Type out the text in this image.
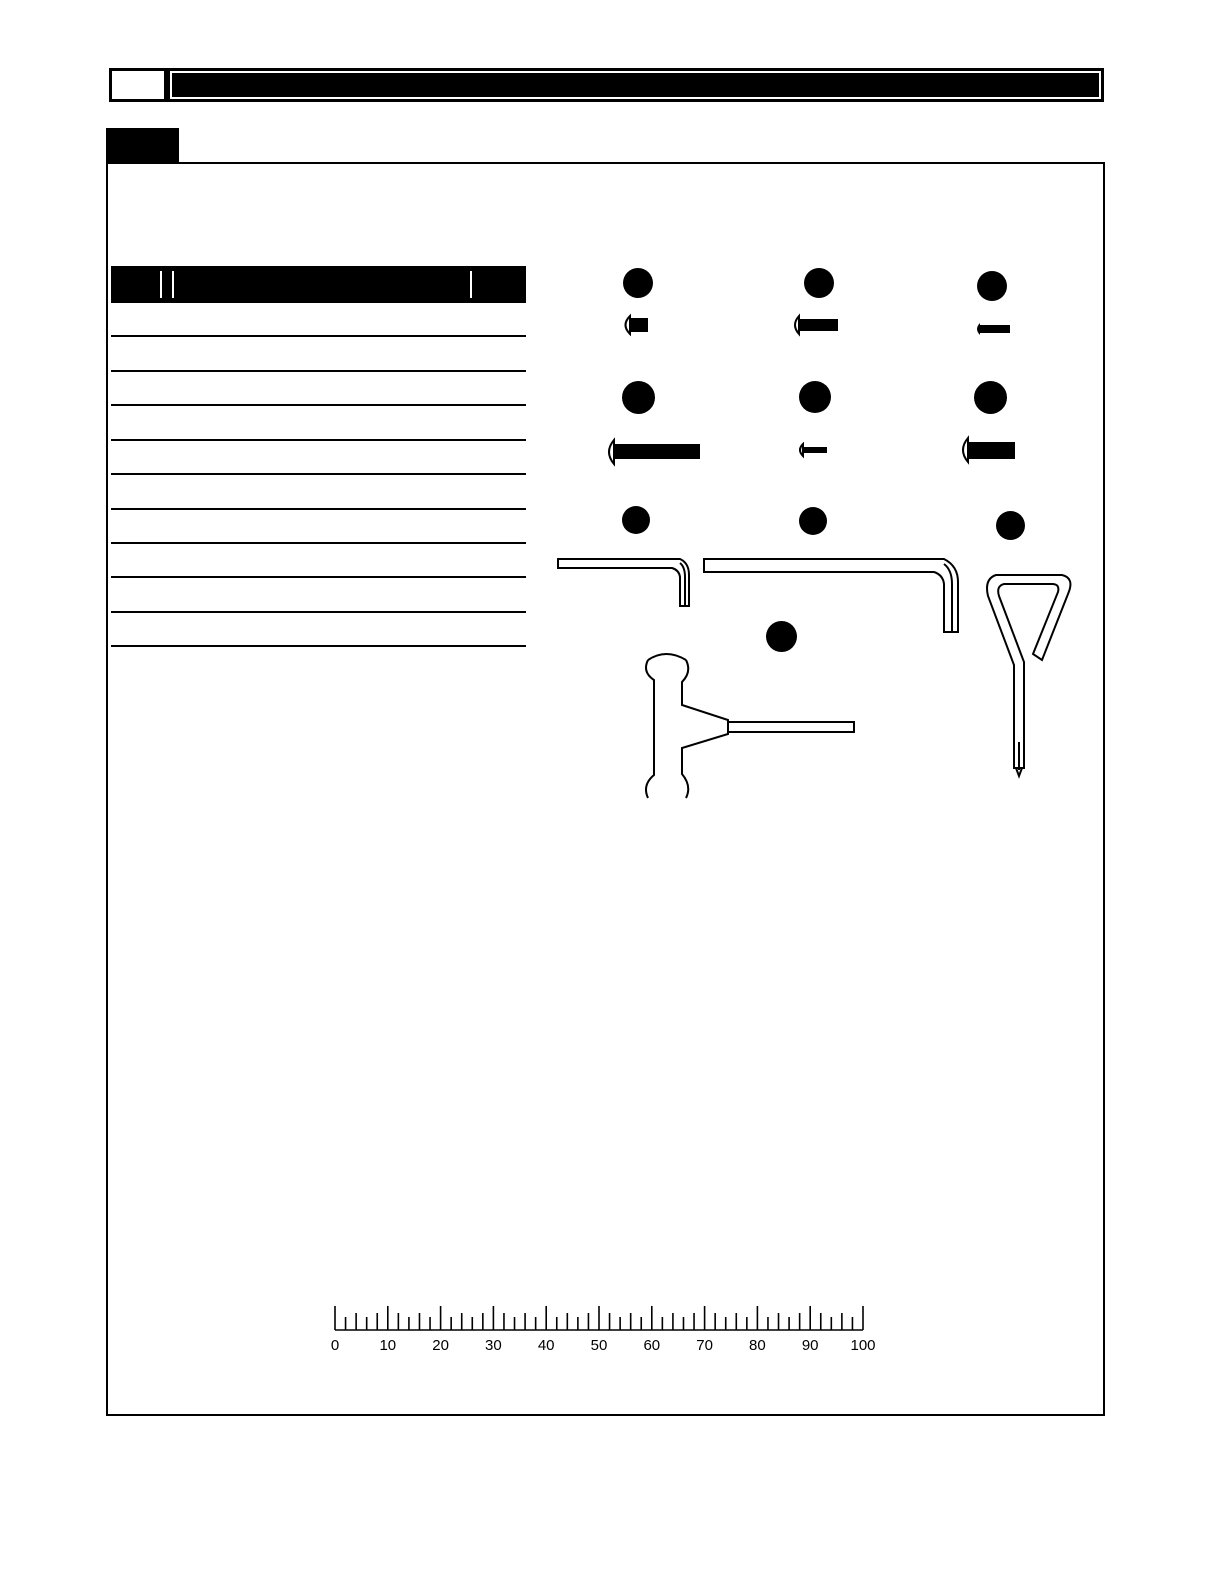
0	10 20 30 40 50 60 70 80 90 100
